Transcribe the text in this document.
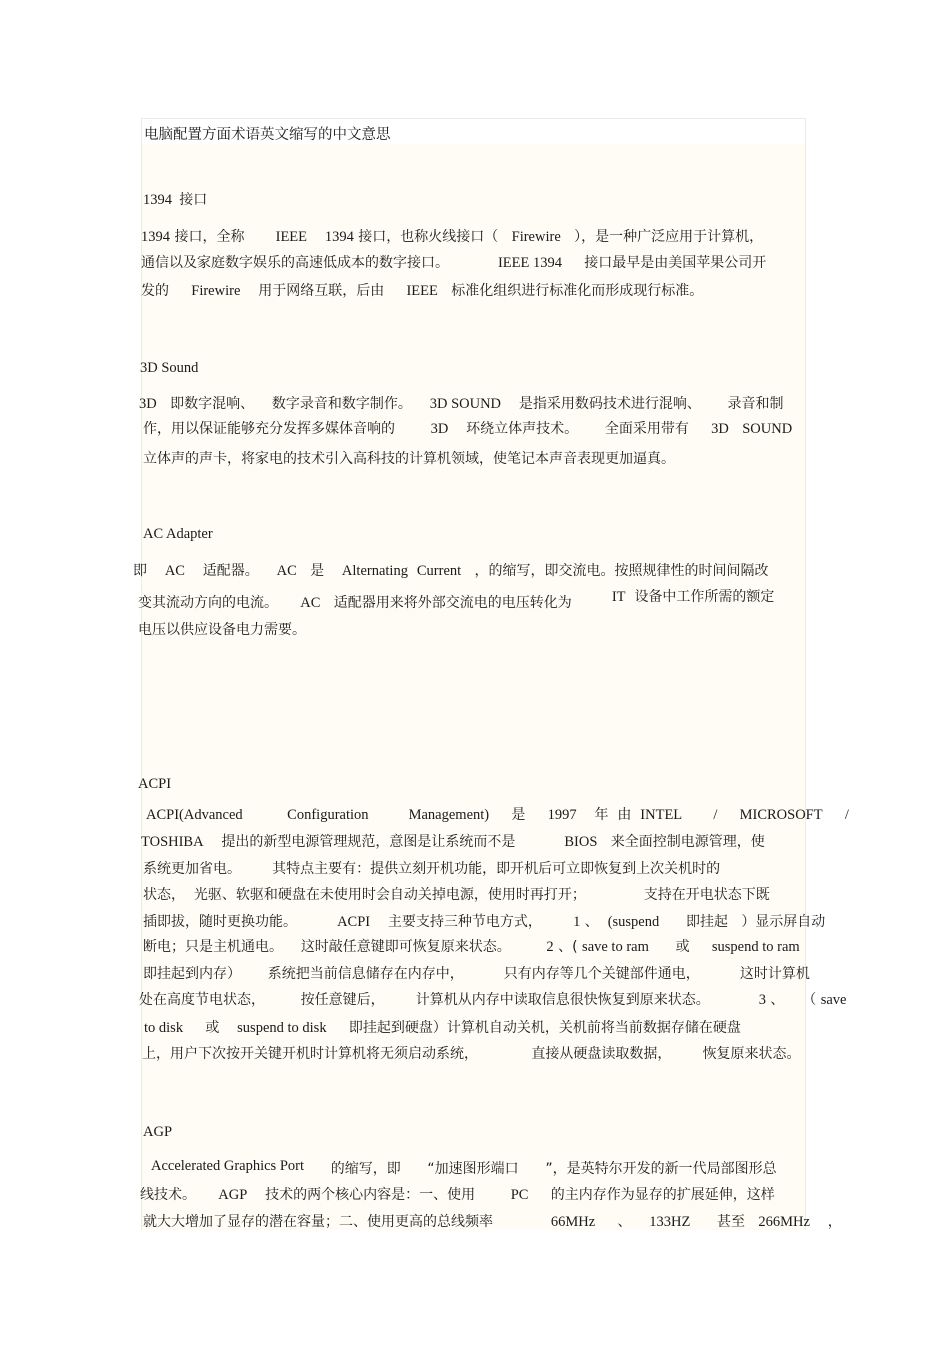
电脑配置方面术语英文缩写的中文意思
1394 接口
1394 接口，全称 IEEE 1394 接口，也称火线接口（ Firewire ），是一种广泛应用于计算机，
通信以及家庭数字娱乐的高速低成本的数字接口。	IEEE 1394 接口最早是由美国苹果公司开
发的 Firewire 用于网络互联，后由 IEEE 标准化组织进行标准化而形成现行标准。
3D Sound
3D 即数字混响、 数字录音和数字制作。 3D SOUND 是指采用数码技术进行混响、 录音和制
作，用以保证能够充分发挥多媒体音响的 3D 环绕立体声技术。 全面采用带有 3D SOUND
立体声的声卡，将家电的技术引入高科技的计算机领域，使笔记本声音表现更加逼真。
AC Adapter
即 AC 适配器。 AC 是 Alternating Current ，的缩写，即交流电。按照规律性的时间间隔改
变其流动方向的电流。 AC 适配器用来将外部交流电的电压转化为	IT 设备中工作所需的额定
电压以供应设备电力需要。
ACPI
ACPI(Advanced	Configuration	Management) 是 1997 年 由 INTEL / MICROSOFT /
TOSHIBA 提出的新型电源管理规范，意图是让系统而不是	BIOS 来全面控制电源管理，使
系统更加省电。 其特点主要有：提供立刻开机功能，即开机后可立即恢复到上次关机时的
状态， 光驱、软驱和硬盘在未使用时会自动关掉电源，使用时再打开；	支持在开电状态下既
插即拔，随时更换功能。	ACPI 主要支持三种节电方式， 1 、 (suspend 即挂起 ）显示屏自动
断电；只是主机通电。 这时敲任意键即可恢复原来状态。 2 、( save to ram 或 suspend to ram
即挂起到内存） 系统把当前信息储存在内存中，	只有内存等几个关键部件通电，	这时计算机
处在高度节电状态，	按任意键后， 计算机从内存中读取信息很快恢复到原来状态。	3 、 （ save
to disk 或 suspend to disk 即挂起到硬盘）计算机自动关机，关机前将当前数据存储在硬盘
上，用户下次按开关键开机时计算机将无须启动系统，	直接从硬盘读取数据， 恢复原来状态。
AGP
Accelerated Graphics Port 的缩写，即 “加速图形端口 ”，是英特尔开发的新一代局部图形总
线技术。 AGP 技术的两个核心内容是：一、使用 PC 的主内存作为显存的扩展延伸，这样
就大大增加了显存的潜在容量；二、使用更高的总线频率	66MHz 、 133HZ 甚至 266MHz ，
